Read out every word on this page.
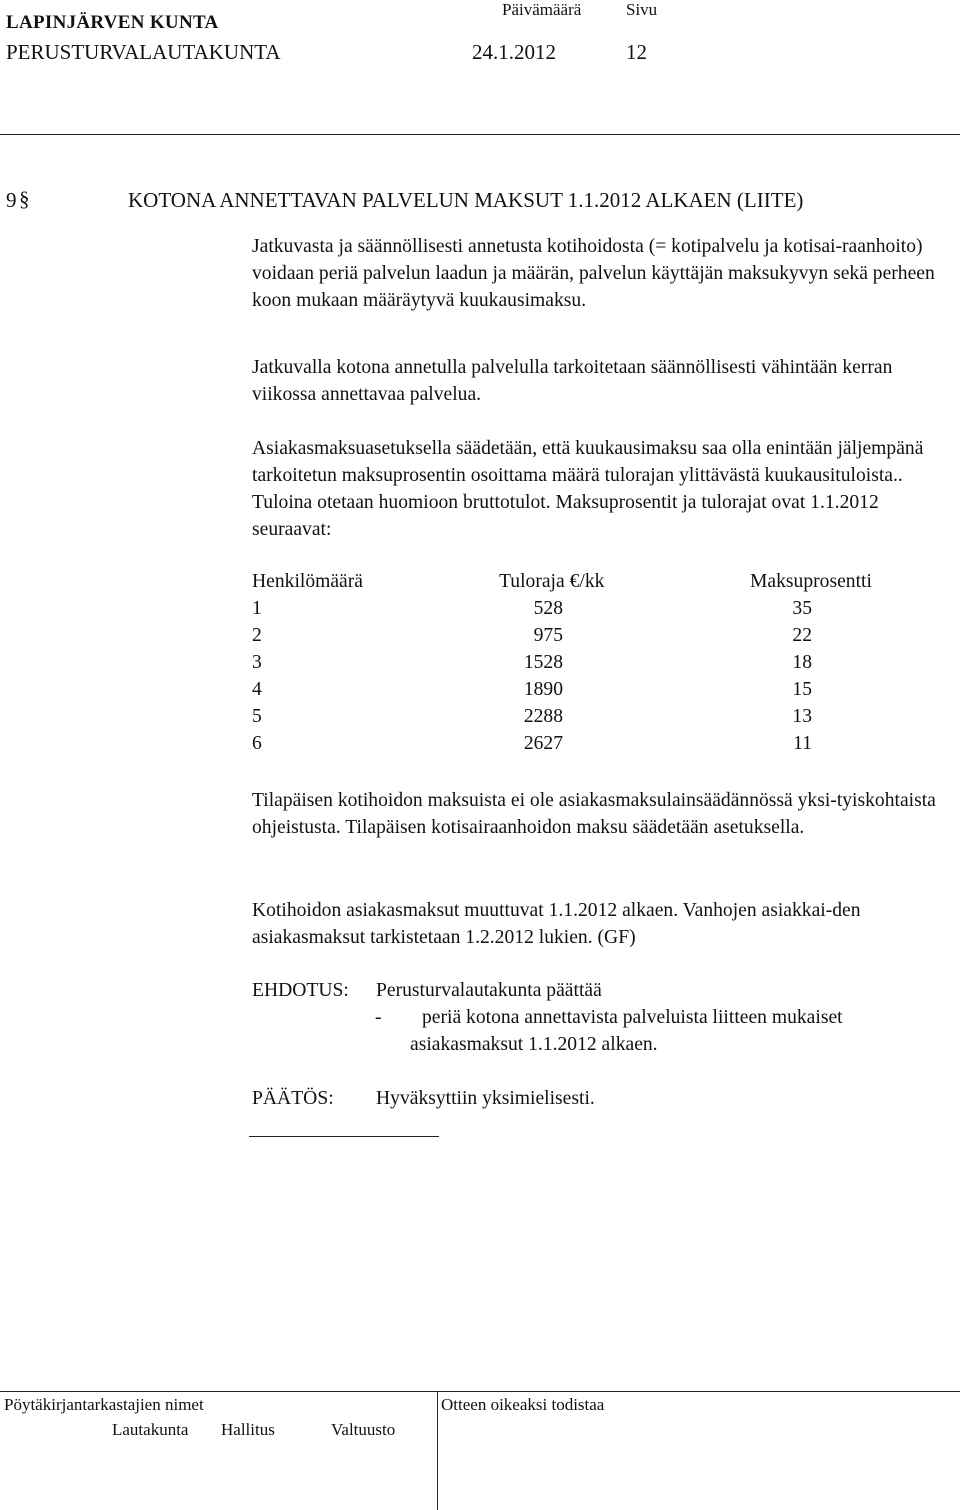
LAPINJÄRVEN KUNTA
PERUSTURVALAUTAKUNTA
Päivämäärä
24.1.2012
Sivu
12
9 §	KOTONA ANNETTAVAN PALVELUN MAKSUT 1.1.2012 ALKAEN (LIITE)
Jatkuvasta ja säännöllisesti annetusta kotihoidosta (= kotipalvelu ja kotisai-raanhoito) voidaan periä palvelun laadun ja määrän, palvelun käyttäjän maksukyvyn sekä perheen koon mukaan määräytyvä kuukausimaksu.
Jatkuvalla kotona annetulla palvelulla tarkoitetaan säännöllisesti vähintään kerran viikossa annettavaa palvelua.
Asiakasmaksuasetuksella säädetään, että kuukausimaksu saa olla enintään jäljempänä tarkoitetun maksuprosentin osoittama määrä tulorajan ylittävästä kuukausituloista.. Tuloina otetaan huomioon bruttotulot. Maksuprosentit ja tulorajat ovat 1.1.2012 seuraavat:
Henkilömäärä	Tuloraja €/kk	Maksuprosentti
1	528	35
2	975	22
3	1528	18
4	1890	15
5	2288	13
6	2627	11
Tilapäisen kotihoidon maksuista ei ole asiakasmaksulainsäädännössä yksi-tyiskohtaista ohjeistusta. Tilapäisen kotisairaanhoidon maksu säädetään asetuksella.
Kotihoidon asiakasmaksut muuttuvat 1.1.2012 alkaen. Vanhojen asiakkai-den asiakasmaksut tarkistetaan 1.2.2012 lukien. (GF)
EHDOTUS: Perusturvalautakunta päättää
- periä kotona annettavista palveluista liitteen mukaiset
asiakasmaksut 1.1.2012 alkaen.
PÄÄTÖS: Hyväksyttiin yksimielisesti.
Pöytäkirjantarkastajien nimet	Otteen oikeaksi todistaa
Lautakunta Hallitus	Valtuusto
